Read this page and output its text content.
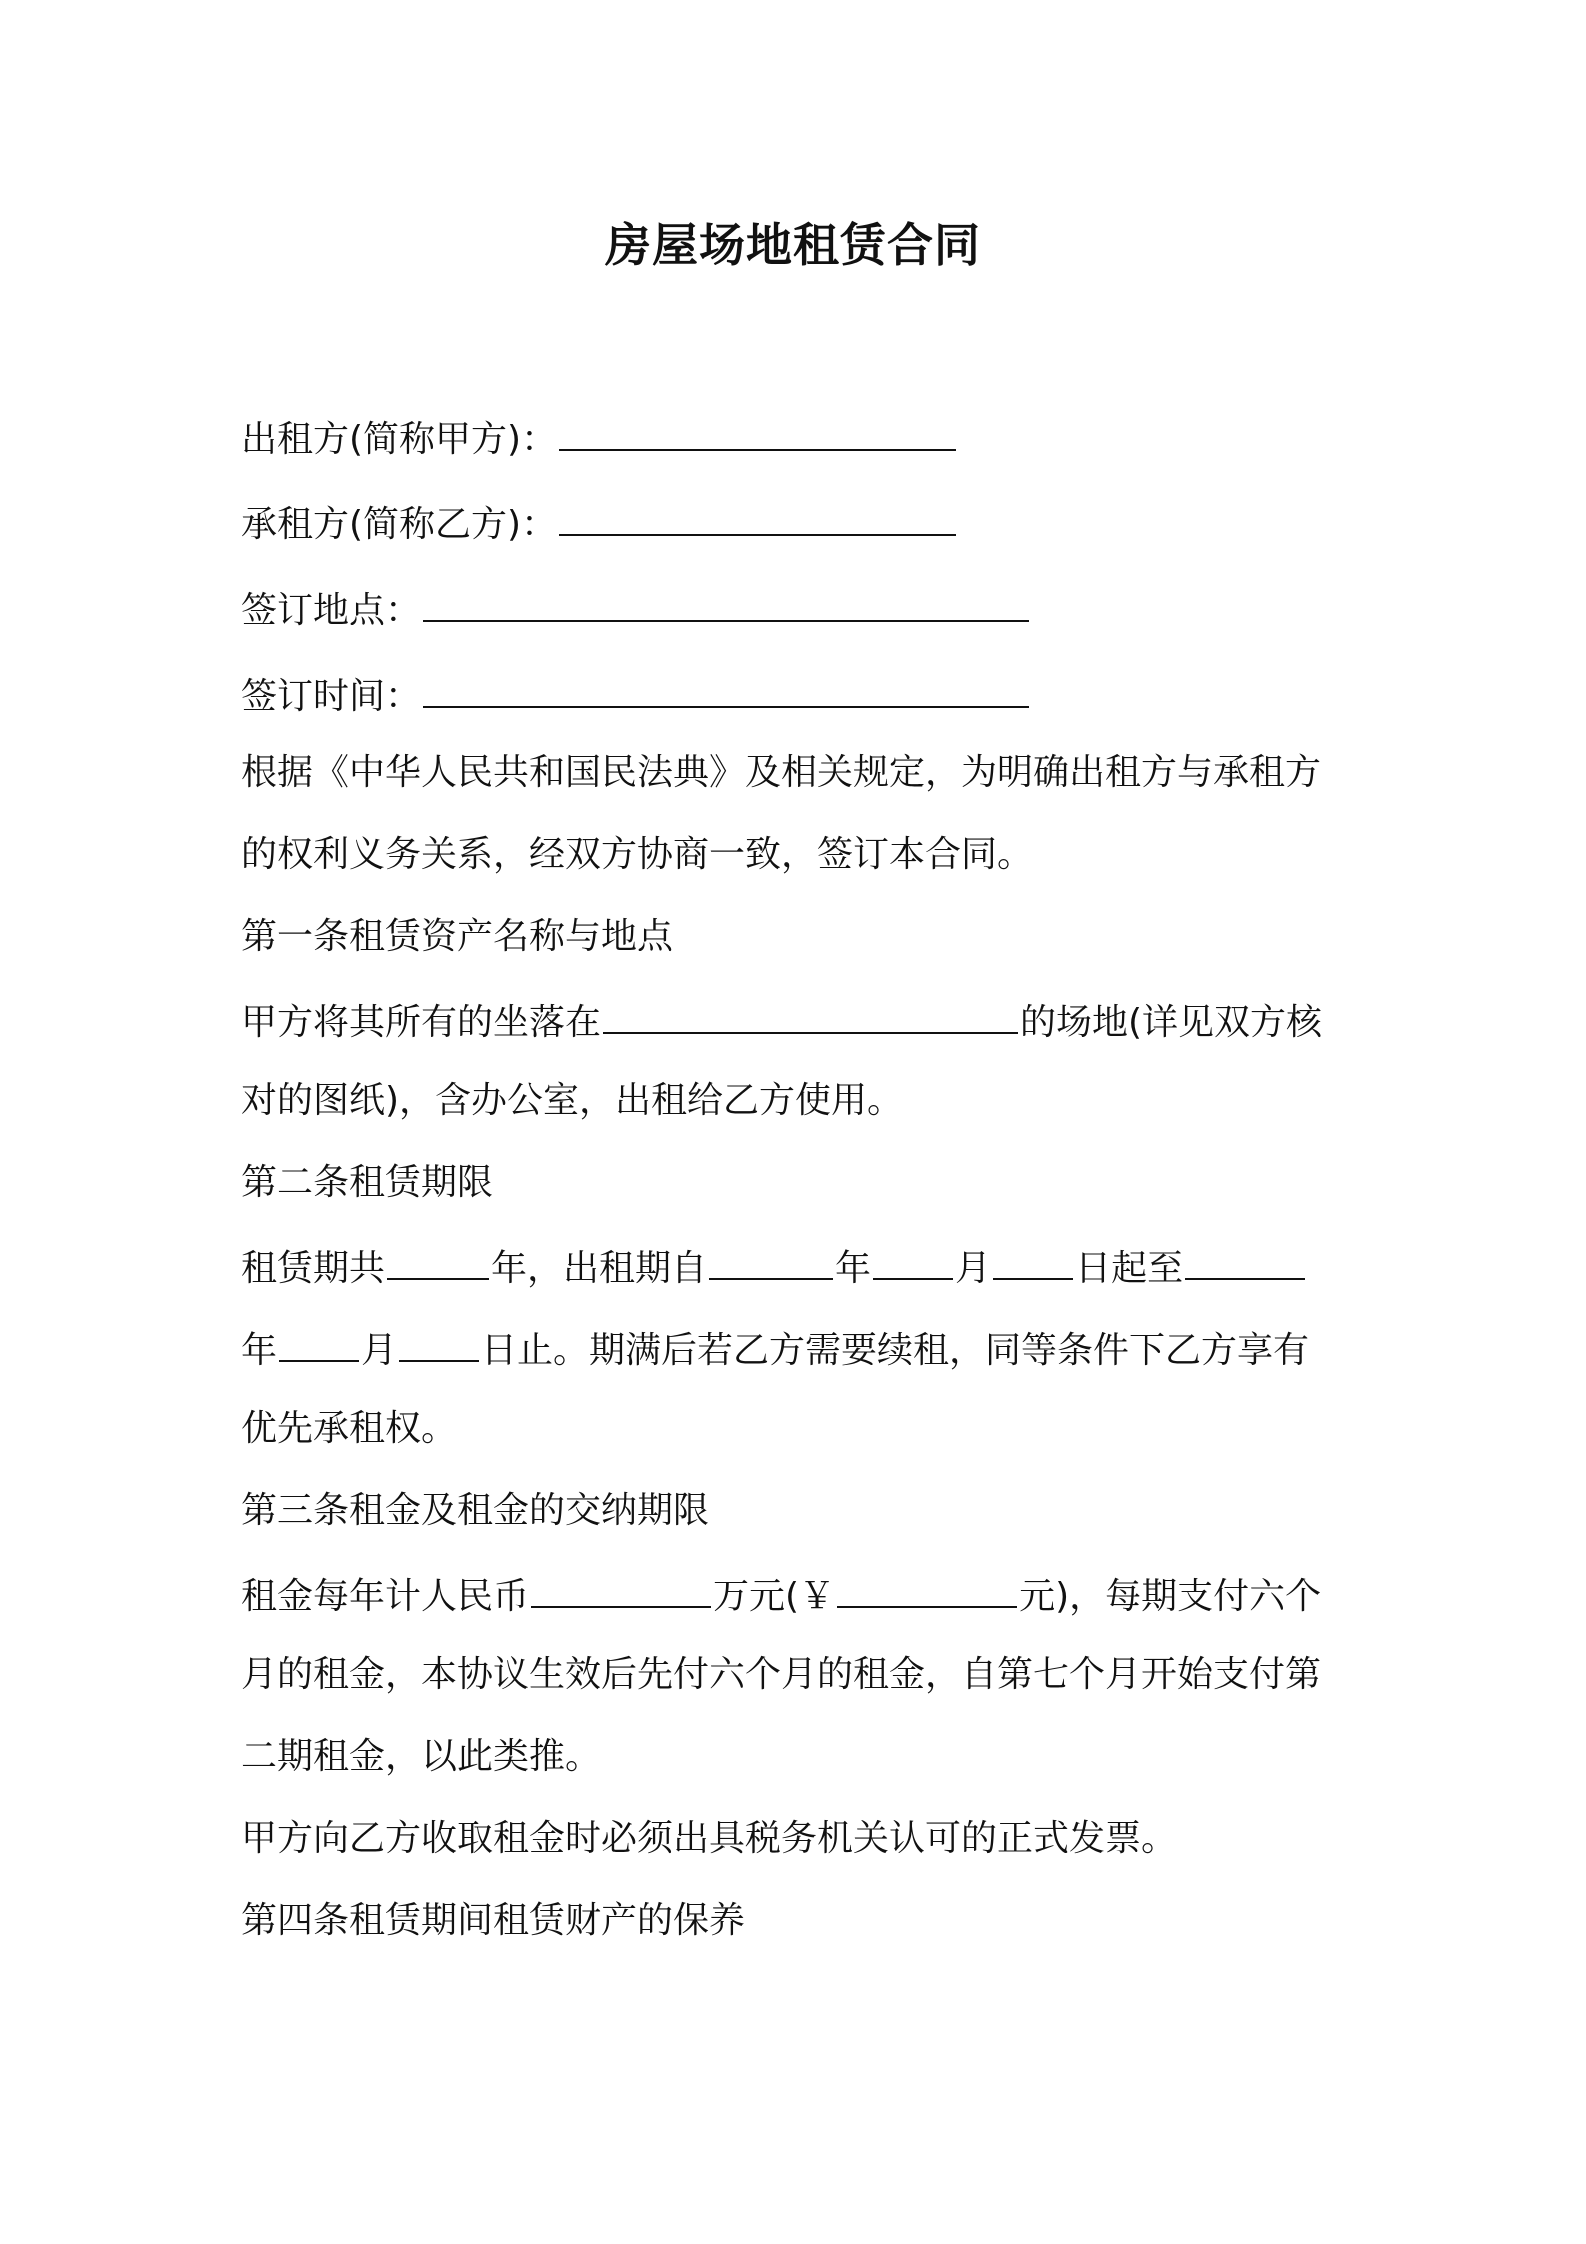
房屋场地租赁合同
出租方(简称甲方)：
承租方(简称乙方)：
签订地点：
签订时间：
根据《中华人民共和国民法典》及相关规定，为明确出租方与承租方
的权利义务关系，经双方协商一致，签订本合同。
第一条租赁资产名称与地点
甲方将其所有的坐落在	的场地(详见双方核
对的图纸)，含办公室，出租给乙方使用。
第二条租赁期限
租赁期共	年，出租期自	年 月 日起至
年 月 日止。期满后若乙方需要续租，同等条件下乙方享有
优先承租权。
第三条租金及租金的交纳期限
租金每年计人民币	万元(￥	元)，每期支付六个
月的租金，本协议生效后先付六个月的租金，自第七个月开始支付第
二期租金，以此类推。
甲方向乙方收取租金时必须出具税务机关认可的正式发票。
第四条租赁期间租赁财产的保养
